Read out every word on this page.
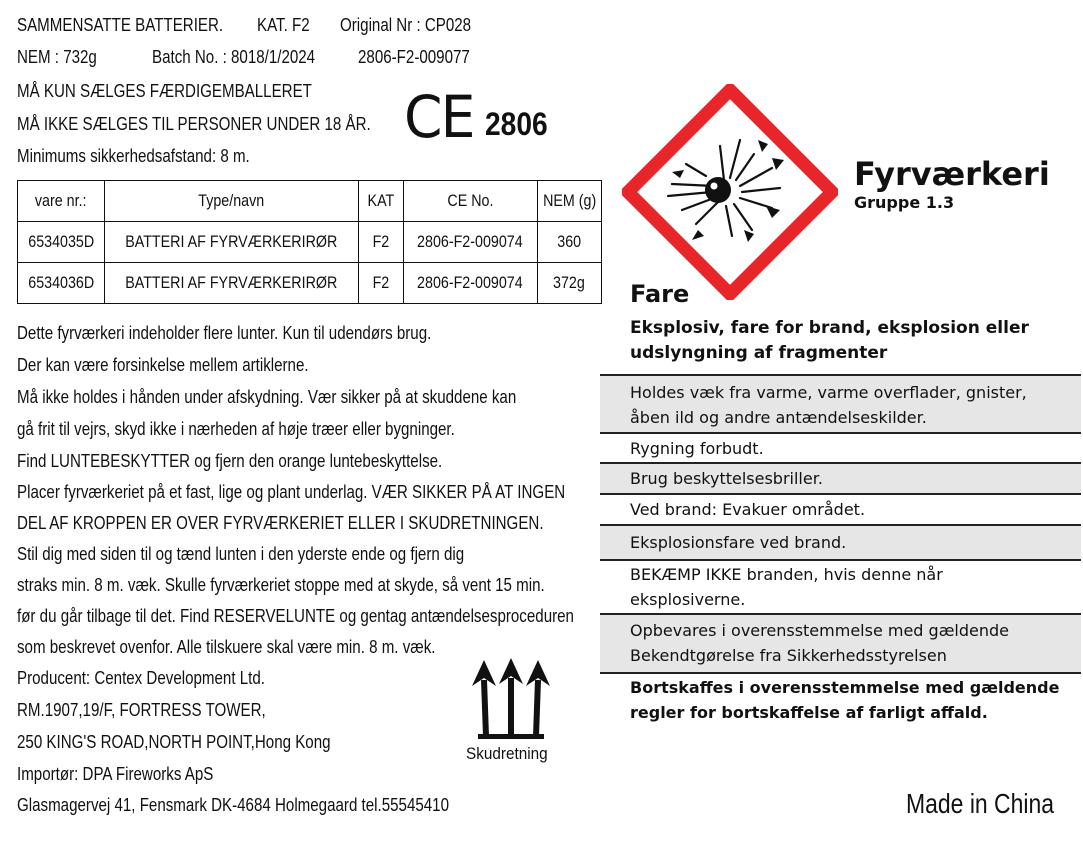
SAMMENSATTE BATTERIER. KAT. F2 Original Nr : CP028
NEM : 732g	Batch No. : 8018/1/2024 2806-F2-009077
MÅ KUN SÆLGES FÆRDIGEMBALLERET
MÅ IKKE SÆLGES TIL PERSONER UNDER 18 ÅR.
Minimums sikkerhedsafstand: 8 m.
CE 2806
vare nr.:	Type/navn	KAT	CE No.	NEM (g)
6534035D	BATTERI AF FYRVÆRKERIRØR	F2	2806-F2-009074	360
6534036D	BATTERI AF FYRVÆRKERIRØR	F2	2806-F2-009074	372g
Dette fyrværkeri indeholder flere lunter. Kun til udendørs brug.
Der kan være forsinkelse mellem artiklerne.
Må ikke holdes i hånden under afskydning. Vær sikker på at skuddene kan
gå frit til vejrs, skyd ikke i nærheden af høje træer eller bygninger.
Find LUNTEBESKYTTER og fjern den orange luntebeskyttelse.
Placer fyrværkeriet på et fast, lige og plant underlag. VÆR SIKKER PÅ AT INGEN
DEL AF KROPPEN ER OVER FYRVÆRKERIET ELLER I SKUDRETNINGEN.
Stil dig med siden til og tænd lunten i den yderste ende og fjern dig
straks min. 8 m. væk. Skulle fyrværkeriet stoppe med at skyde, så vent 15 min.
før du går tilbage til det. Find RESERVELUNTE og gentag antændelsesproceduren
som beskrevet ovenfor. Alle tilskuere skal være min. 8 m. væk.
Producent: Centex Development Ltd.
RM.1907,19/F, FORTRESS TOWER,
250 KING'S ROAD,NORTH POINT,Hong Kong
Importør: DPA Fireworks ApS
Glasmagervej 41, Fensmark DK-4684 Holmegaard tel.55545410
Skudretning
Fyrværkeri
Gruppe 1.3
Fare
Eksplosiv, fare for brand, eksplosion eller
udslyngning af fragmenter
Holdes væk fra varme, varme overflader, gnister,
åben ild og andre antændelseskilder.
Rygning forbudt.
Brug beskyttelsesbriller.
Ved brand: Evakuer området.
Eksplosionsfare ved brand.
BEKÆMP IKKE branden, hvis denne når
eksplosiverne.
Opbevares i overensstemmelse med gældende
Bekendtgørelse fra Sikkerhedsstyrelsen
Bortskaffes i overensstemmelse med gældende
regler for bortskaffelse af farligt affald.
Made in China
